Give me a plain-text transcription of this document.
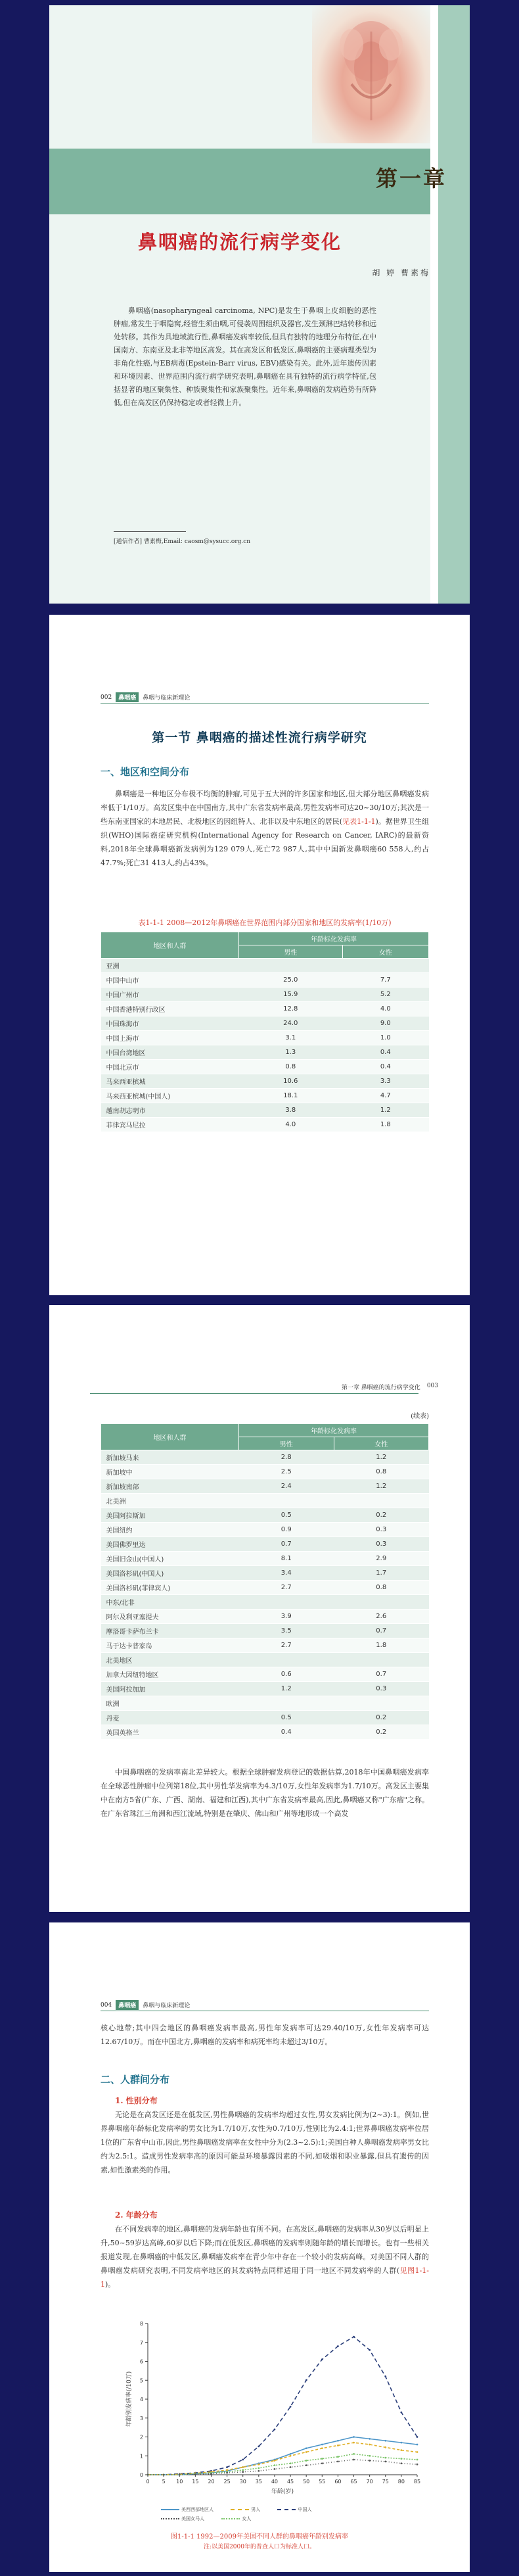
第一章
鼻咽癌的流行病学变化
胡 婷 曹素梅

鼻咽癌(nasopharyngeal carcinoma, NPC)是发生于鼻咽上皮细胞的恶性肿瘤,常发生于咽隐窝,经管生须由咽,可侵袭周围组织及器官,发生颈淋巴结转移和远处转移。其作为具地域流行性,鼻咽癌发病率较低,但具有独特的地理分布特征,在中国南方、东南亚及北非等地区高发。其在高发区和低发区,鼻咽癌的主要病理类型为非角化性癌,与EB病毒(Epstein-Barr virus, EBV)感染有关。此外,近年遗传因素和环境因素、世界范围内流行病学研究表明,鼻咽癌在具有独特的流行病学特征,包括显著的地区聚集性、种族聚集性和家族聚集性。近年来,鼻咽癌的发病趋势有所降低,但在高发区仍保持稳定或者轻微上升。

[通信作者] 曹素梅,Email: caosm@sysucc.org.cn
002	鼻咽癌	鼻咽与临床新理论
第一节 鼻咽癌的描述性流行病学研究
一、地区和空间分布

鼻咽癌是一种地区分布极不均衡的肿瘤,可见于五大洲的许多国家和地区,但大部分地区鼻咽癌发病率低于1/10万。高发区集中在中国南方,其中广东省发病率最高,男性发病率可达20~30/10万;其次是一些东南亚国家的本地居民、北极地区的因纽特人、北非以及中东地区的居民(见表1-1-1)。据世界卫生组织(WHO)国际癌症研究机构(International Agency for Research on Cancer, IARC)的最新资料,2018年全球鼻咽癌新发病例为129 079人,死亡72 987人,其中中国新发鼻咽癌60 558人,约占47.7%;死亡31 413人,约占43%。

表1-1-1 2008—2012年鼻咽癌在世界范围内部分国家和地区的发病率(1/10万)
地区和人群	年龄标化发病率	
	男性	女性
亚洲		
中国中山市	25.0	7.7
中国广州市	15.9	5.2
中国香港特别行政区	12.8	4.0
中国珠海市	24.0	9.0
中国上海市	3.1	1.0
中国台湾地区	1.3	0.4
中国北京市	0.8	0.4
马来西亚槟城	10.6	3.3
马来西亚槟城(中国人)	18.1	4.7
越南胡志明市	3.8	1.2
菲律宾马尼拉	4.0	1.8
第一章 鼻咽癌的流行病学变化 003
(续表)
地区和人群	年龄标化发病率	
	男性	女性
新加坡马来	2.8	1.2
新加坡中	2.5	0.8
新加坡南部	2.4	1.2
北美洲		
美国阿拉斯加	0.5	0.2
美国纽约	0.9	0.3
美国佛罗里达	0.7	0.3
美国旧金山(中国人)	8.1	2.9
美国洛杉矶(中国人)	3.4	1.7
美国洛杉矶(菲律宾人)	2.7	0.8
中东/北非		
阿尔及利亚塞提夫	3.9	2.6
摩洛哥卡萨布兰卡	3.5	0.7
马于达卡普家岛	2.7	1.8
北美地区		
加拿大因纽特地区	0.6	0.7
美国阿拉加加	1.2	0.3
欧洲		
丹麦	0.5	0.2
英国英格兰	0.4	0.2

中国鼻咽癌的发病率南北差异较大。根据全球肿瘤发病登记的数据估算,2018年中国鼻咽癌发病率在全球恶性肿瘤中位列第18位,其中男性华发病率为4.3/10万,女性年发病率为1.7/10万。高发区主要集中在南方5省(广东、广西、湖南、福建和江西),其中广东省发病率最高,因此,鼻咽癌又称"广东瘤"之称。在广东省珠江三角洲和西江流域,特别是在肇庆、佛山和广州等地形成一个高发

004	鼻咽癌	鼻咽与临床新理论

核心地带;其中四会地区的鼻咽癌发病率最高,男性年发病率可达29.40/10万,女性年发病率可达12.67/10万。而在中国北方,鼻咽癌的发病率和病死率均未超过3/10万。

二、人群间分布
1. 性别分布

无论是在高发区还是在低发区,男性鼻咽癌的发病率均超过女性,男女发病比例为(2~3):1。例如,世界鼻咽癌年龄标化发病率的男女比为1.7/10万,女性为0.7/10万,性别比为2.4:1;世界鼻咽癌发病率位居1位的广东省中山市,因此,男性鼻咽癌发病率在女性中分为(2.3~2.5):1;美国白种人鼻咽癌发病率男女比约为2.5:1。造成男性发病率高的原因可能是环境暴露因素的不同,如吸烟和职业暴露,但具有遗传的因素,如性激素类的作用。

2. 年龄分布

在不同发病率的地区,鼻咽癌的发病年龄也有所不同。在高发区,鼻咽癌的发病率从30岁以后明显上升,50~59岁达高峰,60岁以后下降;而在低发区,鼻咽癌的发病率则随年龄的增长而增长。也有一些相关报道发现,在鼻咽癌的中低发区,鼻咽癌发病率在青少年中存在一个较小的发病高峰。对美国不同人群的鼻咽癌发病研究表明,不同发病率地区的其发病特点同样适用于同一地区不同发病率的人群(见图1-1-1)。

0
1
2
3
4
5
6
7
8
0 5 10 15 20 25 30 35 40 45 50 55 60 65 70 75 80 85
年龄(岁)
年龄别发病率(/10万)
美西西部地区人	男人	中国人
美国女马人	女人
图1-1-1 1992—2009年美国不同人群的鼻咽癌年龄别发病率
注:以美国2000年的普查人口为标准人口。
